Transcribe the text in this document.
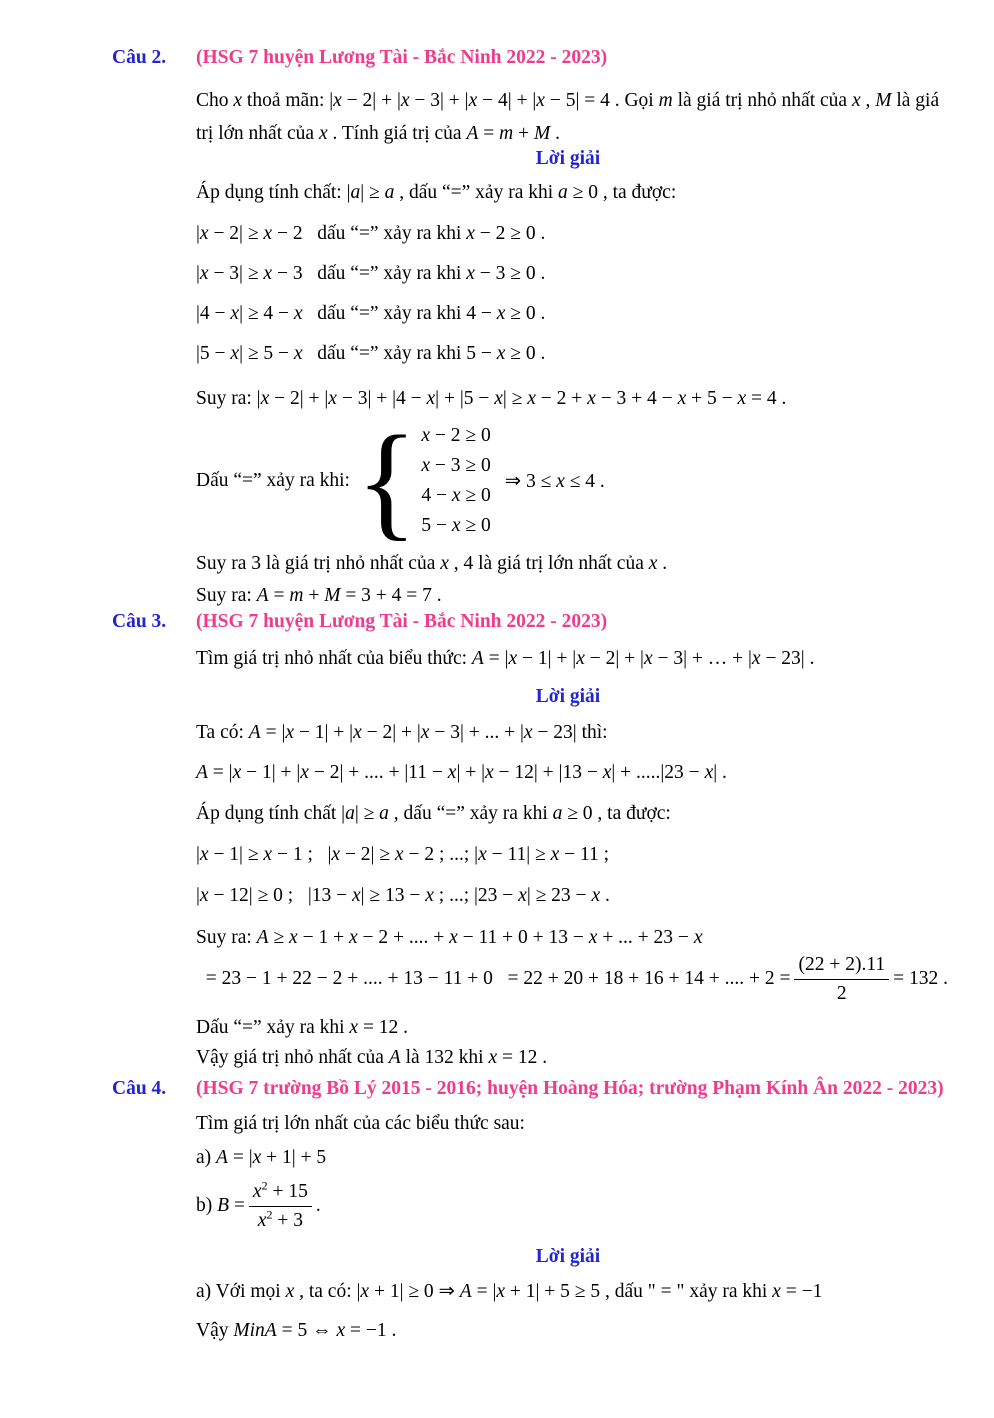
Câu 2.	(HSG 7 huyện Lương Tài - Bắc Ninh 2022 - 2023)
Cho x thoả mãn: |x − 2| + |x − 3| + |x − 4| + |x − 5| = 4 . Gọi m là giá trị nhỏ nhất của x , M là giá trị lớn nhất của x . Tính giá trị của A = m + M .
Lời giải
Áp dụng tính chất: |a| ≥ a , dấu “=” xảy ra khi a ≥ 0 , ta được:
|x − 2| ≥ x − 2  dấu “=” xảy ra khi x − 2 ≥ 0 .
|x − 3| ≥ x − 3  dấu “=” xảy ra khi x − 3 ≥ 0 .
|4 − x| ≥ 4 − x  dấu “=” xảy ra khi 4 − x ≥ 0 .
|5 − x| ≥ 5 − x  dấu “=” xảy ra khi 5 − x ≥ 0 .
Suy ra: |x − 2| + |x − 3| + |4 − x| + |5 − x| ≥ x − 2 + x − 3 + 4 − x + 5 − x = 4 .
Dấu “=” xảy ra khi: { x − 2 ≥ 0
x − 3 ≥ 0
4 − x ≥ 0
5 − x ≥ 0
⇒ 3 ≤ x ≤ 4 .
Suy ra 3 là giá trị nhỏ nhất của x , 4 là giá trị lớn nhất của x .
Suy ra: A = m + M = 3 + 4 = 7 .
Câu 3.	(HSG 7 huyện Lương Tài - Bắc Ninh 2022 - 2023)
Tìm giá trị nhỏ nhất của biểu thức: A = |x − 1| + |x − 2| + |x − 3| + … + |x − 23| .
Lời giải
Ta có: A = |x − 1| + |x − 2| + |x − 3| + ... + |x − 23| thì:
A = |x − 1| + |x − 2| + .... + |11 − x| + |x − 12| + |13 − x| + .....|23 − x| .
Áp dụng tính chất |a| ≥ a , dấu “=” xảy ra khi a ≥ 0 , ta được:
|x − 1| ≥ x − 1 ;  |x − 2| ≥ x − 2 ; ...; |x − 11| ≥ x − 11 ;
|x − 12| ≥ 0 ;  |13 − x| ≥ 13 − x ; ...; |23 − x| ≥ 23 − x .
Suy ra: A ≥ x − 1 + x − 2 + .... + x − 11 + 0 + 13 − x + ... + 23 − x
 = 23 − 1 + 22 − 2 + .... + 13 − 11 + 0  = 22 + 20 + 18 + 16 + 14 + .... + $2 = \frac{(22 + 2).11}{2} = 132$ .
Dấu “=” xảy ra khi x = 12 .
Vậy giá trị nhỏ nhất của A là 132 khi x = 12 .
Câu 4.	(HSG 7 trường Bồ Lý 2015 - 2016; huyện Hoàng Hóa; trường Phạm Kính Ân 2022 - 2023)
Tìm giá trị lớn nhất của các biểu thức sau:
a) A = |x + 1| + 5
b) $B = \frac{x^2 + 15}{x^2 + 3}$ .
Lời giải
a) Với mọi x , ta có: |x + 1| ≥ 0 ⇒ A = |x + 1| + 5 ≥ 5 , dấu " = " xảy ra khi x = −1
Vậy MinA = 5 ⇔ x = −1 .
